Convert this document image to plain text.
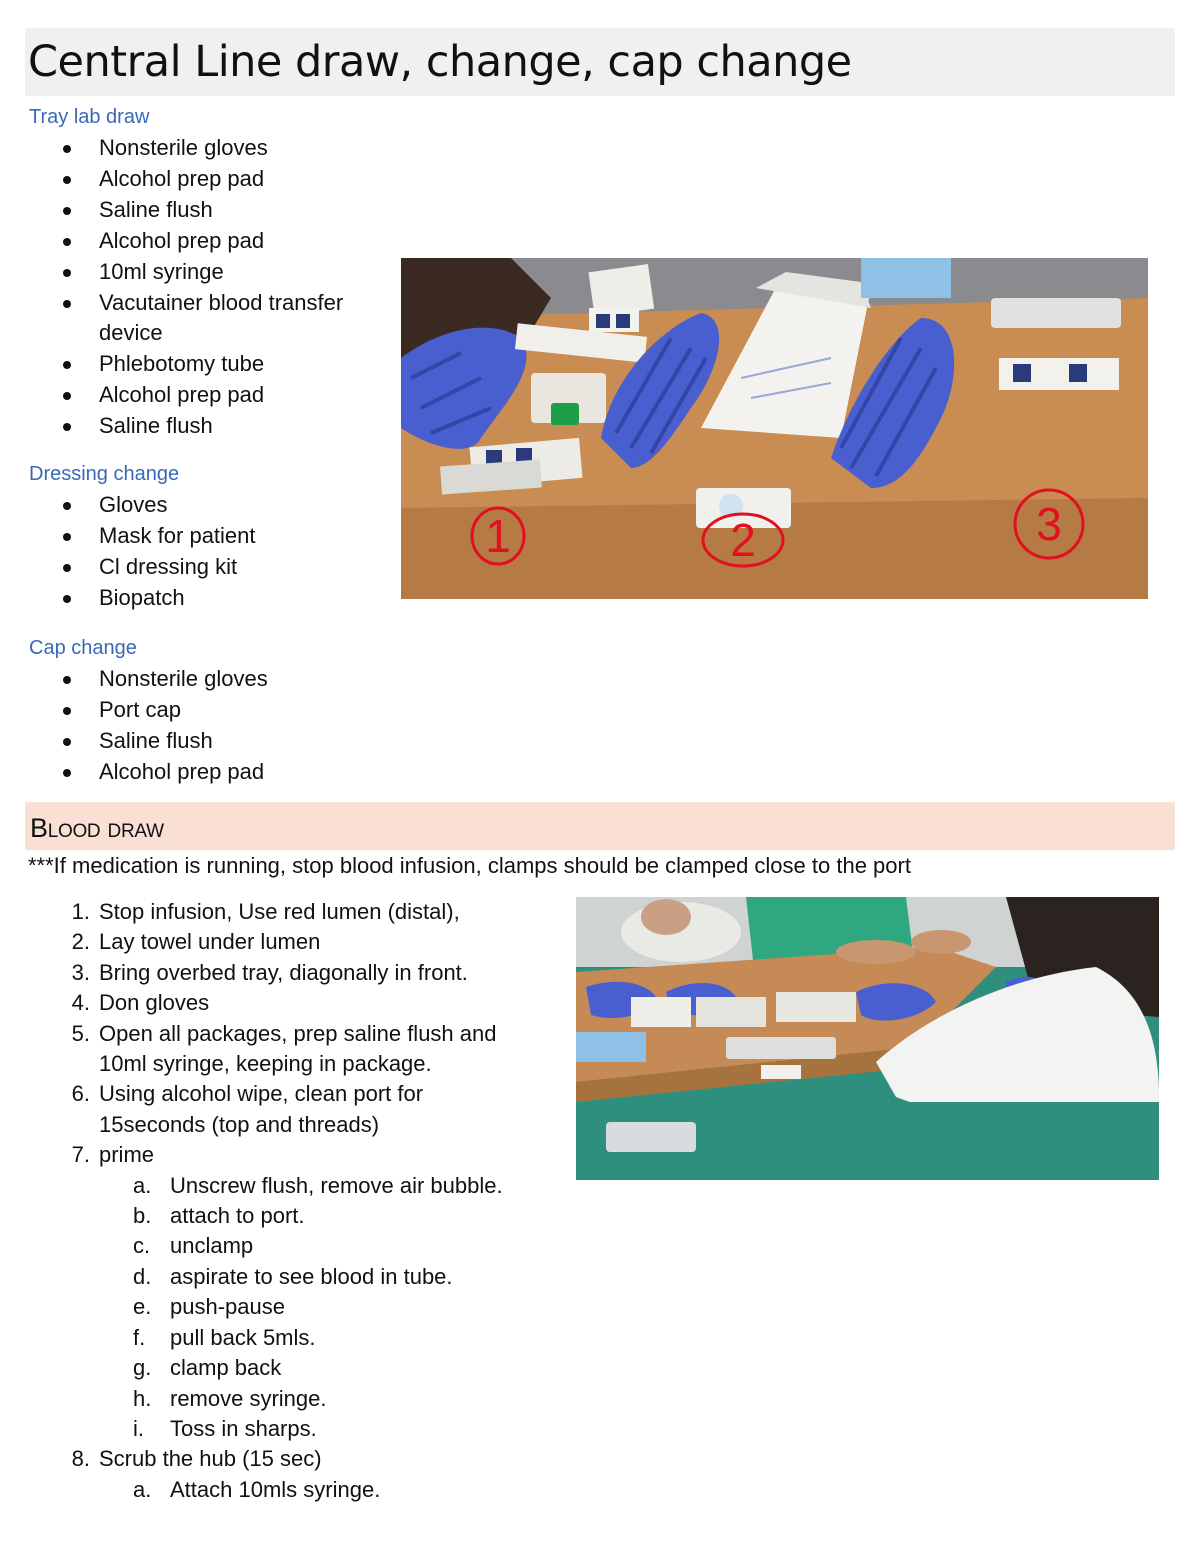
Central Line draw, change, cap change
Tray lab draw
Nonsterile gloves
Alcohol prep pad
Saline flush
Alcohol prep pad
10ml syringe
Vacutainer blood transfer device
Phlebotomy tube
Alcohol prep pad
Saline flush
Dressing change
Gloves
Mask for patient
Cl dressing kit
Biopatch
Cap change
Nonsterile gloves
Port cap
Saline flush
Alcohol prep pad
1	2	3
Blood draw

***If medication is running, stop blood infusion, clamps should be clamped close to the port

1. Stop infusion, Use red lumen (distal),
2. Lay towel under lumen
3. Bring overbed tray, diagonally in front.
4. Don gloves
5. Open all packages, prep saline flush and 10ml syringe, keeping in package.
6. Using alcohol wipe, clean port for 15seconds (top and threads)
7. prime
a. Unscrew flush, remove air bubble.
b. attach to port.
c. unclamp
d. aspirate to see blood in tube.
e. push-pause
f. pull back 5mls.
g. clamp back
h. remove syringe.
i. Toss in sharps.
8. Scrub the hub (15 sec)
a. Attach 10mls syringe.
